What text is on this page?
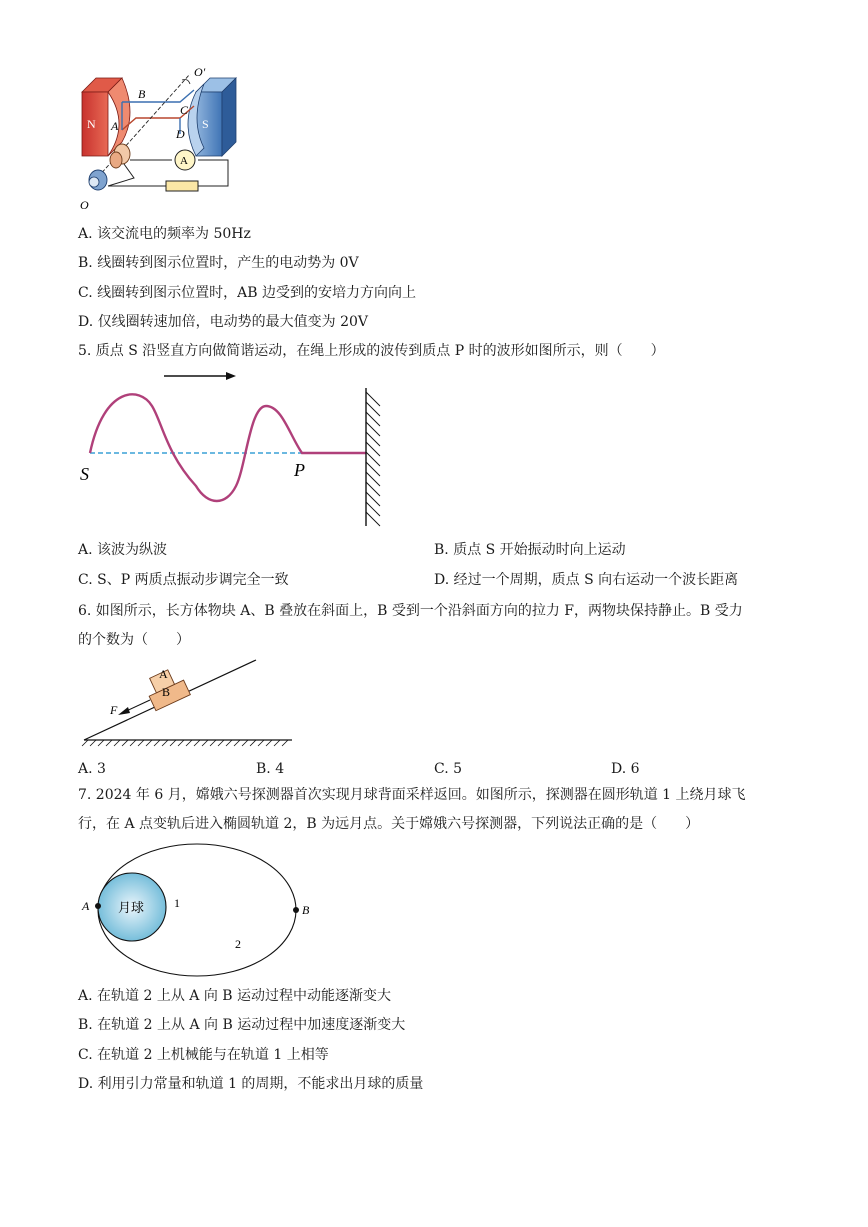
N	S
A
B
C
D
O′
O
A
A. 该交流电的频率为 50Hz
B. 线圈转到图示位置时，产生的电动势为 0V
C. 线圈转到图示位置时，AB 边受到的安培力方向向上
D. 仅线圈转速加倍，电动势的最大值变为 20V
5. 质点 S 沿竖直方向做简谐运动，在绳上形成的波传到质点 P 时的波形如图所示，则（　　）
S	P
A. 该波为纵波	B. 质点 S 开始振动时向上运动
C. S、P 两质点振动步调完全一致	D. 经过一个周期，质点 S 向右运动一个波长距离
6. 如图所示，长方体物块 A、B 叠放在斜面上，B 受到一个沿斜面方向的拉力 F，两物块保持静止。B 受力
的个数为（　　）
A
B
F
A. 3	B. 4	C. 5	D. 6
7. 2024 年 6 月，嫦娥六号探测器首次实现月球背面采样返回。如图所示，探测器在圆形轨道 1 上绕月球飞
行，在 A 点变轨后进入椭圆轨道 2，B 为远月点。关于嫦娥六号探测器，下列说法正确的是（　　）
月球
A	B
1
2
A. 在轨道 2 上从 A 向 B 运动过程中动能逐渐变大
B. 在轨道 2 上从 A 向 B 运动过程中加速度逐渐变大
C. 在轨道 2 上机械能与在轨道 1 上相等
D. 利用引力常量和轨道 1 的周期，不能求出月球的质量
